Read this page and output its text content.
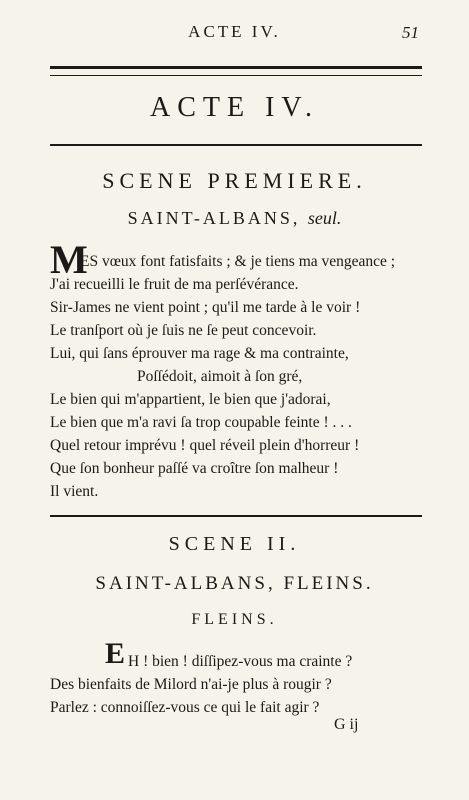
ACTE IV.	51
ACTE IV.
SCENE PREMIERE.
SAINT-ALBANS, seul.
M
ES vœux font fatisfaits ; & je tiens ma vengeance ;
J'ai recueilli le fruit de ma perſévérance.
Sir-James ne vient point ; qu'il me tarde à le voir !
Le tranſport où je ſuis ne ſe peut concevoir.
Lui, qui ſans éprouver ma rage & ma contrainte,
Poſſédoit, aimoit à ſon gré,
Le bien qui m'appartient, le bien que j'adorai,
Le bien que m'a ravi ſa trop coupable feinte ! . . .
Quel retour imprévu ! quel réveil plein d'horreur !
Que ſon bonheur paſſé va croître ſon malheur !
Il vient.
SCENE II.
SAINT-ALBANS, FLEINS.
FLEINS.
E H ! bien ! diſſipez-vous ma crainte ?
Des bienfaits de Milord n'ai-je plus à rougir ?
Parlez : connoiſſez-vous ce qui le fait agir ?
G ij
